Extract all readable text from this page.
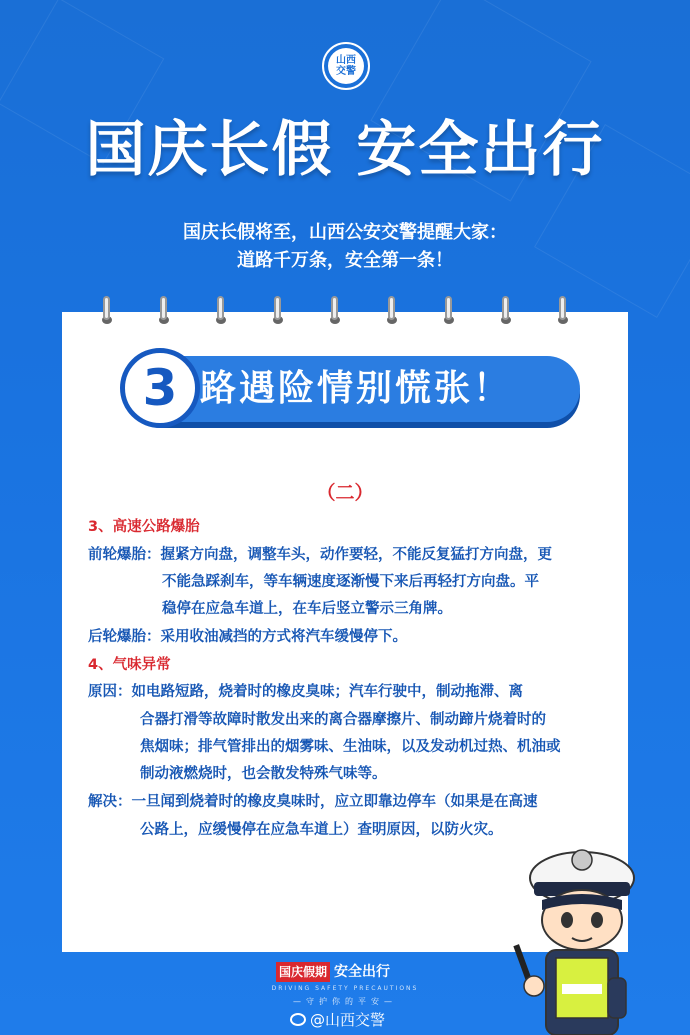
山西
交警
国庆长假 安全出行
国庆长假将至，山西公安交警提醒大家：
道路千万条，安全第一条！
路遇险情别慌张！
3
（二）
3、高速公路爆胎
前轮爆胎：握紧方向盘，调整车头，动作要轻，不能反复猛打方向盘，更
不能急踩刹车，等车辆速度逐渐慢下来后再轻打方向盘。平
稳停在应急车道上，在车后竖立警示三角牌。
后轮爆胎：采用收油减挡的方式将汽车缓慢停下。
4、气味异常
原因：如电路短路，烧着时的橡皮臭味；汽车行驶中，制动拖滞、离
合器打滑等故障时散发出来的离合器摩擦片、制动蹄片烧着时的
焦烟味；排气管排出的烟雾味、生油味，以及发动机过热、机油或
制动液燃烧时，也会散发特殊气味等。
解决：一旦闻到烧着时的橡皮臭味时，应立即靠边停车（如果是在高速
公路上，应缓慢停在应急车道上）查明原因，以防火灾。
国庆假期 安全出行
DRIVING SAFETY PRECAUTIONS
—守护你的平安—
@山西交警
